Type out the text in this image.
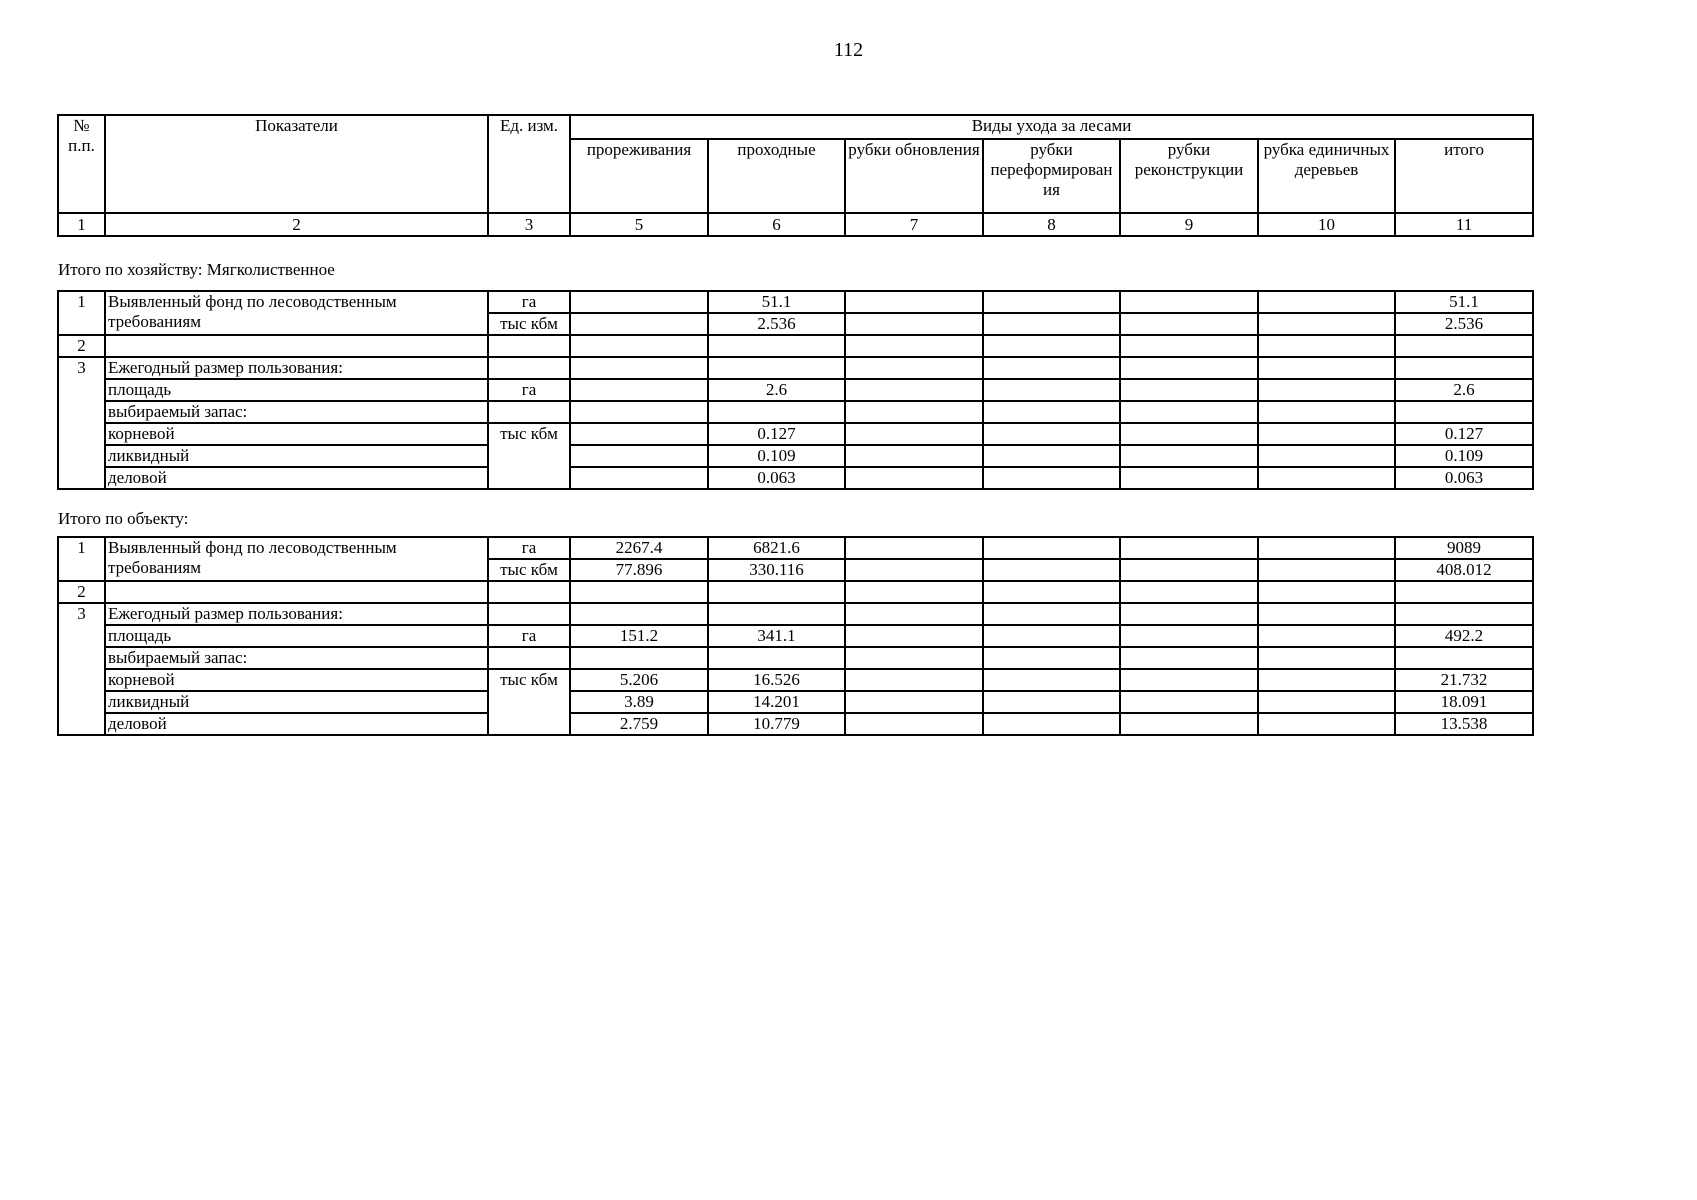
112
№
п.п.	Показатели	Ед. изм.	Виды ухода за лесами						
			прореживания	проходные	рубки обновления	рубки переформирован ия	рубки реконструкции	рубка единичных деревьев	итого
1	2	3	5	6	7	8	9	10	11
Итого по хозяйству: Мягколиственное
1	Выявленный фонд по лесоводственным требованиям	га		51.1					51.1
		тыс кбм		2.536					2.536
2									
3	Ежегодный размер пользования:								
	площадь	га		2.6					2.6
	выбираемый запас:								
	корневой	тыс кбм		0.127					0.127
	ликвидный			0.109					0.109
	деловой			0.063					0.063
Итого по объекту:
1	Выявленный фонд по лесоводственным требованиям	га	2267.4	6821.6					9089
		тыс кбм	77.896	330.116					408.012
2									
3	Ежегодный размер пользования:								
	площадь	га	151.2	341.1					492.2
	выбираемый запас:								
	корневой	тыс кбм	5.206	16.526					21.732
	ликвидный		3.89	14.201					18.091
	деловой		2.759	10.779					13.538
